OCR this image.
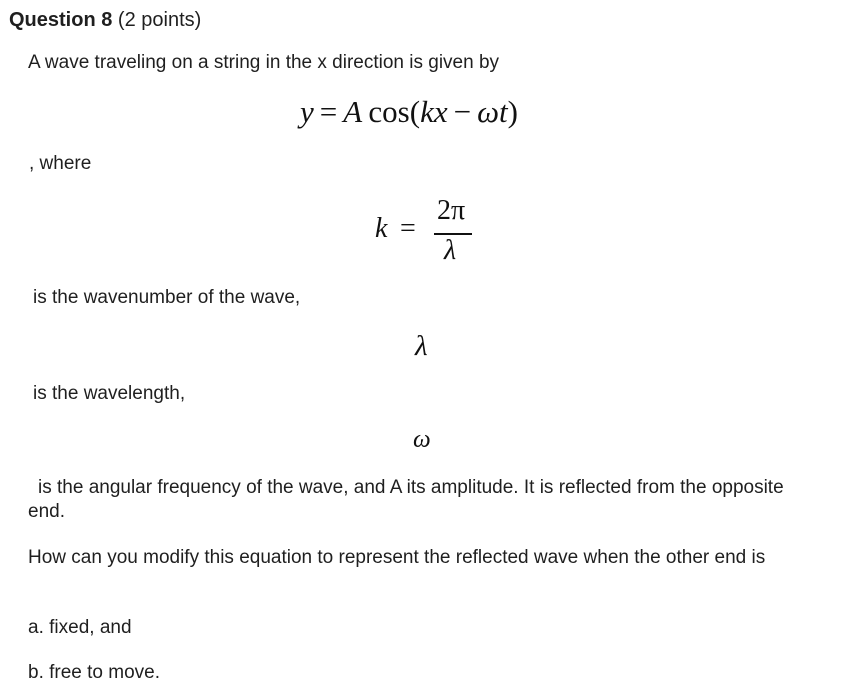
Question 8 (2 points)
A wave traveling on a string in the x direction is given by
y = A  cos(kx − ωt)
, where
k =
2π
λ
is the wavenumber of the wave,
λ
is the wavelength,
ω
is the angular frequency of the wave, and A its amplitude. It is reflected from the opposite end.
How can you modify this equation to represent the reflected wave when the other end is
a. fixed, and
b. free to move.
